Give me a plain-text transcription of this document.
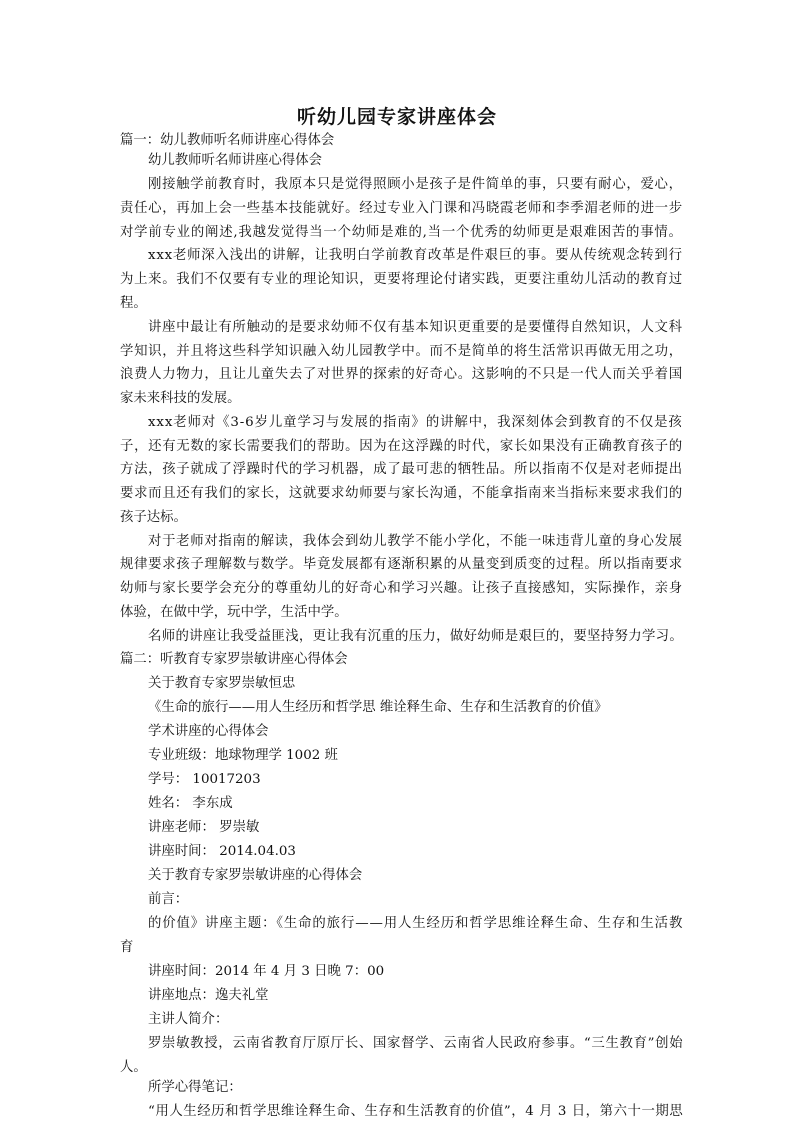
听幼儿园专家讲座体会
篇一：幼儿教师听名师讲座心得体会
幼儿教师听名师讲座心得体会
刚接触学前教育时，我原本只是觉得照顾小是孩子是件简单的事，只要有耐心，爱心，
责任心，再加上会一些基本技能就好。经过专业入门课和冯晓霞老师和李季湄老师的进一步
对学前专业的阐述,我越发觉得当一个幼师是难的,当一个优秀的幼师更是艰难困苦的事情。
xxx老师深入浅出的讲解，让我明白学前教育改革是件艰巨的事。要从传统观念转到行
为上来。我们不仅要有专业的理论知识，更要将理论付诸实践，更要注重幼儿活动的教育过
程。
讲座中最让有所触动的是要求幼师不仅有基本知识更重要的是要懂得自然知识，人文科
学知识，并且将这些科学知识融入幼儿园教学中。而不是简单的将生活常识再做无用之功，
浪费人力物力，且让儿童失去了对世界的探索的好奇心。这影响的不只是一代人而关乎着国
家未来科技的发展。
xxx老师对《3-6岁儿童学习与发展的指南》的讲解中，我深刻体会到教育的不仅是孩
子，还有无数的家长需要我们的帮助。因为在这浮躁的时代，家长如果没有正确教育孩子的
方法，孩子就成了浮躁时代的学习机器，成了最可悲的牺牲品。所以指南不仅是对老师提出
要求而且还有我们的家长，这就要求幼师要与家长沟通，不能拿指南来当指标来要求我们的
孩子达标。
对于老师对指南的解读，我体会到幼儿教学不能小学化，不能一味违背儿童的身心发展
规律要求孩子理解数与数学。毕竟发展都有逐渐积累的从量变到质变的过程。所以指南要求
幼师与家长要学会充分的尊重幼儿的好奇心和学习兴趣。让孩子直接感知，实际操作，亲身
体验，在做中学，玩中学，生活中学。
名师的讲座让我受益匪浅，更让我有沉重的压力，做好幼师是艰巨的，要坚持努力学习。
篇二：听教育专家罗崇敏讲座心得体会
关于教育专家罗崇敏恒忠
《生命的旅行——用人生经历和哲学思 维诠释生命、生存和生活教育的价值》
学术讲座的心得体会
专业班级：地球物理学 1002 班
学号： 10017203
姓名： 李东成
讲座老师： 罗崇敏
讲座时间： 2014.04.03
关于教育专家罗崇敏讲座的心得体会
前言：
的价值》讲座主题：《生命的旅行——用人生经历和哲学思维诠释生命、生存和生活教
育
讲座时间：2014 年 4 月 3 日晚 7：00
讲座地点：逸夫礼堂
主讲人简介：
罗崇敏教授，云南省教育厅原厅长、国家督学、云南省人民政府参事。“三生教育”创始
人。
所学心得笔记：
“用人生经历和哲学思维诠释生命、生存和生活教育的价值”，4 月 3 日，第六十一期思
